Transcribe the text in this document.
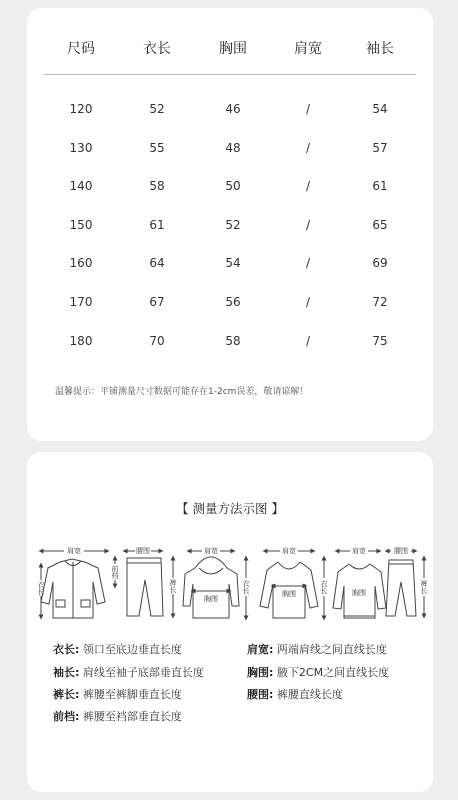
尺码	衣长	胸围	肩宽	袖长
120	52	46	/	54
130	55	48	/	57
140	58	50	/	61
150	61	52	/	65
160	64	54	/	69
170	67	56	/	72
180	70	58	/	75
温馨提示：平铺测量尺寸数据可能存在1-2cm误差，敬请谅解！
【 测量方法示图 】
肩宽
衣长
腰围
前档
裤长
肩宽
胸围
衣长
肩宽
胸围	衣长
肩宽
胸围
腰围
裤长
衣长: 领口至底边垂直长度	肩宽: 两端肩线之间直线长度
袖长: 肩线至袖子底部垂直长度	胸围: 腋下2CM之间直线长度
裤长: 裤腰至裤脚垂直长度	腰围: 裤腰直线长度
前档: 裤腰至裆部垂直长度
